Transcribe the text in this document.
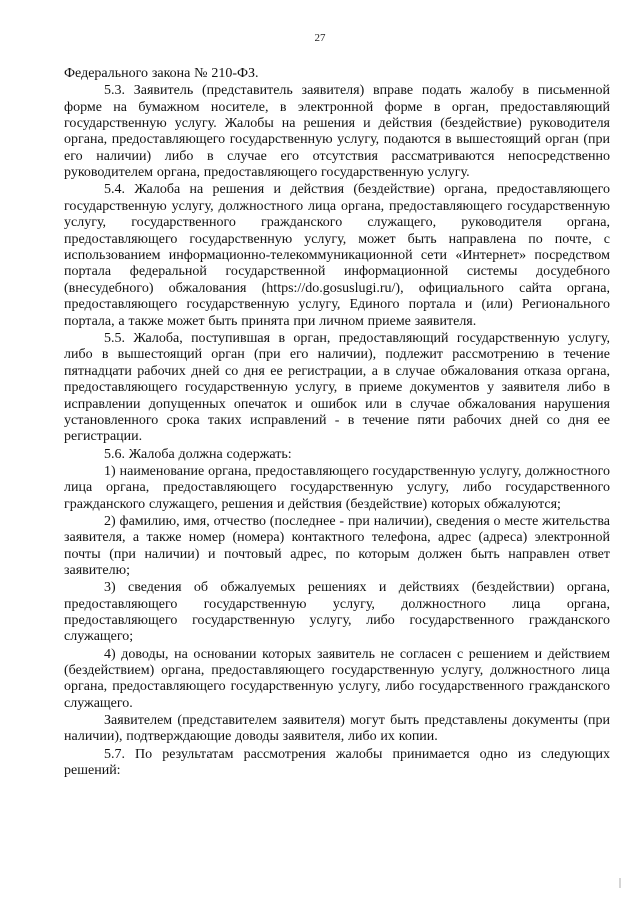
27

Федерального закона № 210-ФЗ.

5.3. Заявитель (представитель заявителя) вправе подать жалобу в письменной форме на бумажном носителе, в электронной форме в орган, предоставляющий государственную услугу. Жалобы на решения и действия (бездействие) руководителя органа, предоставляющего государственную услугу, подаются в вышестоящий орган (при его наличии) либо в случае его отсутствия рассматриваются непосредственно руководителем органа, предоставляющего государственную услугу.

5.4. Жалоба на решения и действия (бездействие) органа, предоставляющего государственную услугу, должностного лица органа, предоставляющего государственную услугу, государственного гражданского служащего, руководителя органа, предоставляющего государственную услугу, может быть направлена по почте, с использованием информационно-телекоммуникационной сети «Интернет» посредством портала федеральной государственной информационной системы досудебного (внесудебного) обжалования (https://do.gosuslugi.ru/), официального сайта органа, предоставляющего государственную услугу, Единого портала и (или) Регионального портала, а также может быть принята при личном приеме заявителя.

5.5. Жалоба, поступившая в орган, предоставляющий государственную услугу, либо в вышестоящий орган (при его наличии), подлежит рассмотрению в течение пятнадцати рабочих дней со дня ее регистрации, а в случае обжалования отказа органа, предоставляющего государственную услугу, в приеме документов у заявителя либо в исправлении допущенных опечаток и ошибок или в случае обжалования нарушения установленного срока таких исправлений - в течение пяти рабочих дней со дня ее регистрации.

5.6. Жалоба должна содержать:

1) наименование органа, предоставляющего государственную услугу, должностного лица органа, предоставляющего государственную услугу, либо государственного гражданского служащего, решения и действия (бездействие) которых обжалуются;

2) фамилию, имя, отчество (последнее - при наличии), сведения о месте жительства заявителя, а также номер (номера) контактного телефона, адрес (адреса) электронной почты (при наличии) и почтовый адрес, по которым должен быть направлен ответ заявителю;

3) сведения об обжалуемых решениях и действиях (бездействии) органа, предоставляющего государственную услугу, должностного лица органа, предоставляющего государственную услугу, либо государственного гражданского служащего;

4) доводы, на основании которых заявитель не согласен с решением и действием (бездействием) органа, предоставляющего государственную услугу, должностного лица органа, предоставляющего государственную услугу, либо государственного гражданского служащего.

Заявителем (представителем заявителя) могут быть представлены документы (при наличии), подтверждающие доводы заявителя, либо их копии.

5.7. По результатам рассмотрения жалобы принимается одно из следующих решений:
